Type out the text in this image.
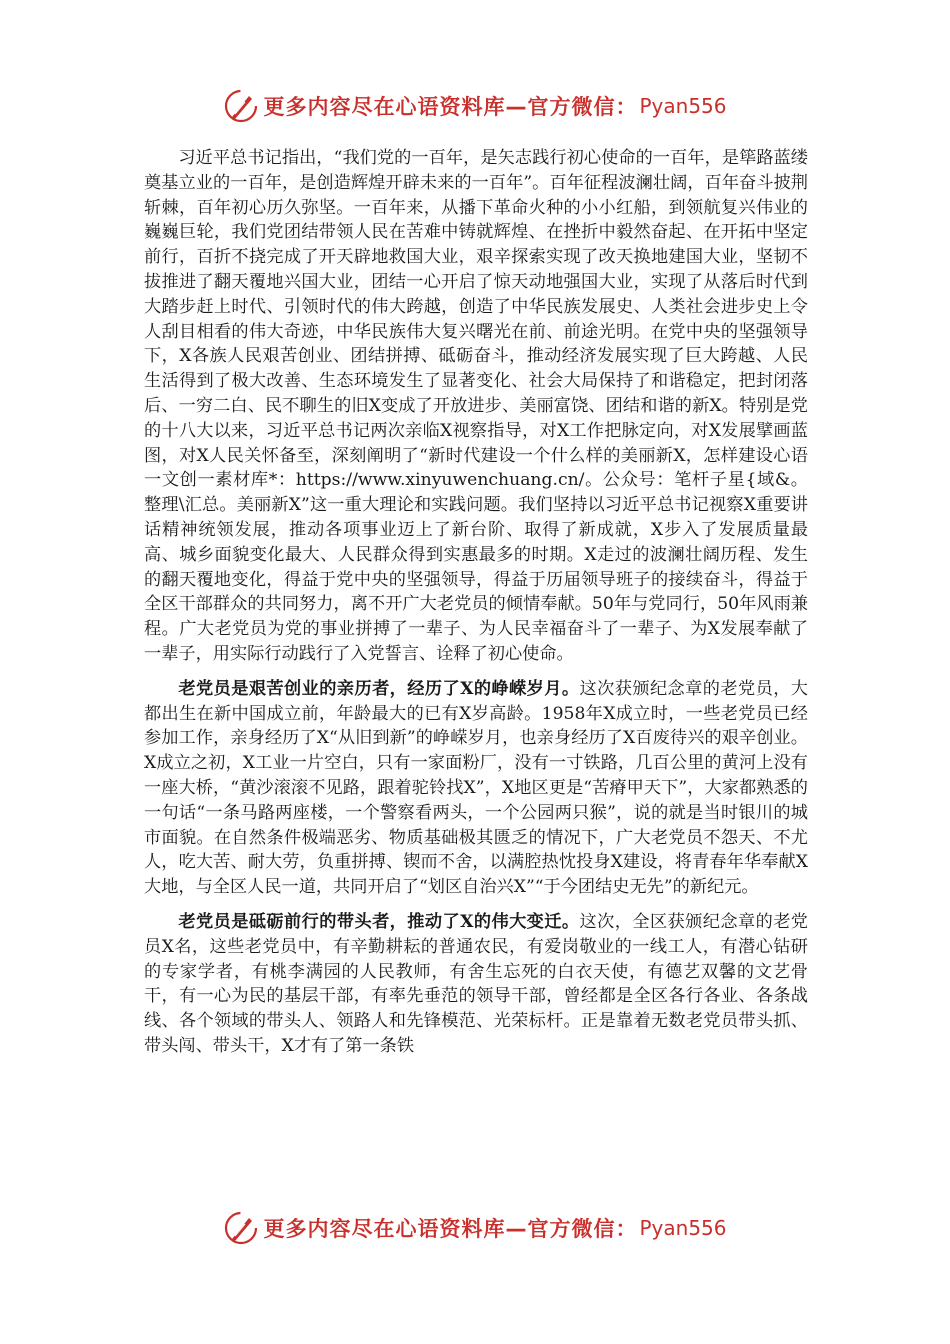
更多内容尽在心语资料库—官方微信： Pyan556

习近平总书记指出，“我们党的一百年，是矢志践行初心使命的一百年，是筚路蓝缕奠基立业的一百年，是创造辉煌开辟未来的一百年”。百年征程波澜壮阔，百年奋斗披荆斩棘，百年初心历久弥坚。一百年来，从播下革命火种的小小红船，到领航复兴伟业的巍巍巨轮，我们党团结带领人民在苦难中铸就辉煌、在挫折中毅然奋起、在开拓中坚定前行，百折不挠完成了开天辟地救国大业，艰辛探索实现了改天换地建国大业，坚韧不拔推进了翻天覆地兴国大业，团结一心开启了惊天动地强国大业，实现了从落后时代到大踏步赶上时代、引领时代的伟大跨越，创造了中华民族发展史、人类社会进步史上令人刮目相看的伟大奇迹，中华民族伟大复兴曙光在前、前途光明。在党中央的坚强领导下，X各族人民艰苦创业、团结拼搏、砥砺奋斗，推动经济发展实现了巨大跨越、人民生活得到了极大改善、生态环境发生了显著变化、社会大局保持了和谐稳定，把封闭落后、一穷二白、民不聊生的旧X变成了开放进步、美丽富饶、团结和谐的新X。特别是党的十八大以来，习近平总书记两次亲临X视察指导，对X工作把脉定向，对X发展擘画蓝图，对X人民关怀备至，深刻阐明了“新时代建设一个什么样的美丽新X，怎样建设心语一文创一素材库*：https://www.xinyuwenchuang.cn/。公众号：笔杆子星{域&。整理\汇总。美丽新X”这一重大理论和实践问题。我们坚持以习近平总书记视察X重要讲话精神统领发展，推动各项事业迈上了新台阶、取得了新成就，X步入了发展质量最高、城乡面貌变化最大、人民群众得到实惠最多的时期。X走过的波澜壮阔历程、发生的翻天覆地变化，得益于党中央的坚强领导，得益于历届领导班子的接续奋斗，得益于全区干部群众的共同努力，离不开广大老党员的倾情奉献。50年与党同行，50年风雨兼程。广大老党员为党的事业拼搏了一辈子、为人民幸福奋斗了一辈子、为X发展奉献了一辈子，用实际行动践行了入党誓言、诠释了初心使命。

老党员是艰苦创业的亲历者，经历了X的峥嵘岁月。这次获颁纪念章的老党员，大都出生在新中国成立前，年龄最大的已有X岁高龄。1958年X成立时，一些老党员已经参加工作，亲身经历了X“从旧到新”的峥嵘岁月，也亲身经历了X百废待兴的艰辛创业。X成立之初，X工业一片空白，只有一家面粉厂，没有一寸铁路，几百公里的黄河上没有一座大桥，“黄沙滚滚不见路，跟着驼铃找X”，X地区更是“苦瘠甲天下”，大家都熟悉的一句话“一条马路两座楼，一个警察看两头，一个公园两只猴”，说的就是当时银川的城市面貌。在自然条件极端恶劣、物质基础极其匮乏的情况下，广大老党员不怨天、不尤人，吃大苦、耐大劳，负重拼搏、锲而不舍，以满腔热忱投身X建设，将青春年华奉献X大地，与全区人民一道，共同开启了“划区自治兴X”“于今团结史无先”的新纪元。

老党员是砥砺前行的带头者，推动了X的伟大变迁。这次，全区获颁纪念章的老党员X名，这些老党员中，有辛勤耕耘的普通农民，有爱岗敬业的一线工人，有潜心钻研的专家学者，有桃李满园的人民教师，有舍生忘死的白衣天使，有德艺双馨的文艺骨干，有一心为民的基层干部，有率先垂范的领导干部，曾经都是全区各行各业、各条战线、各个领域的带头人、领路人和先锋模范、光荣标杆。正是靠着无数老党员带头抓、带头闯、带头干，X才有了第一条铁

更多内容尽在心语资料库—官方微信： Pyan556
